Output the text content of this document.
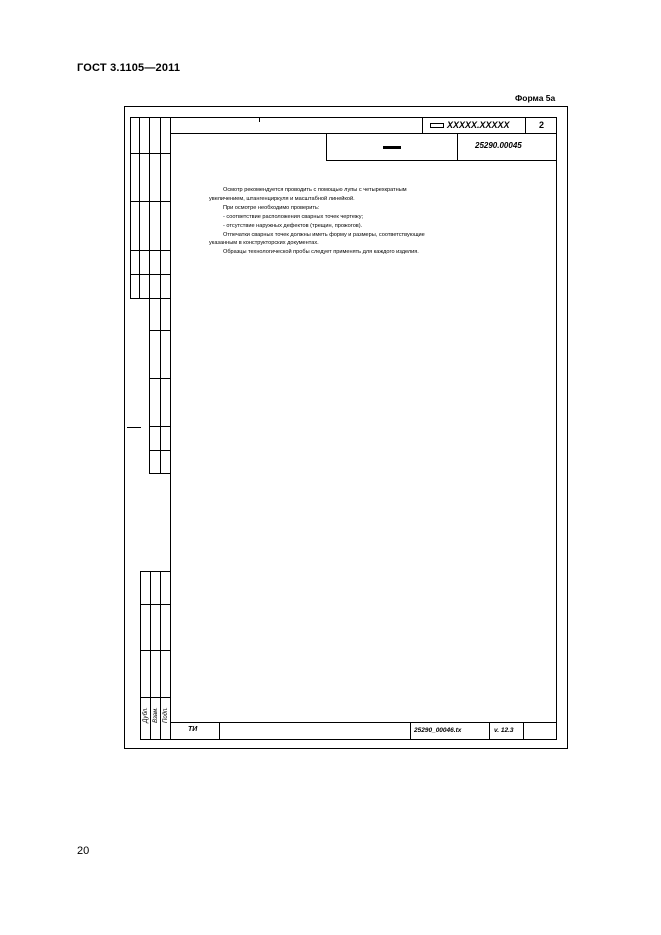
ГОСТ 3.1105—2011
Форма 5а
XXXXX.XXXXX	2
25290.00045

Осмотр рекомендуется проводить с помощью лупы с четырехкратным

увеличением, штангенциркуля и масштабной линейкой.

При осмотре необходимо проверить:

- соответствие расположения сварных точек чертежу;

- отсутствие наружных дефектов (трещин, прожогов).

Отпечатки сварных точек должны иметь форму и размеры, соответствующие

указанным в конструкторских документах.

Образцы технологической пробы следует применять для каждого изделия.

Дубл. Взам. Подп.
ТИ	25290_00046.tx	v. 12.3
20
